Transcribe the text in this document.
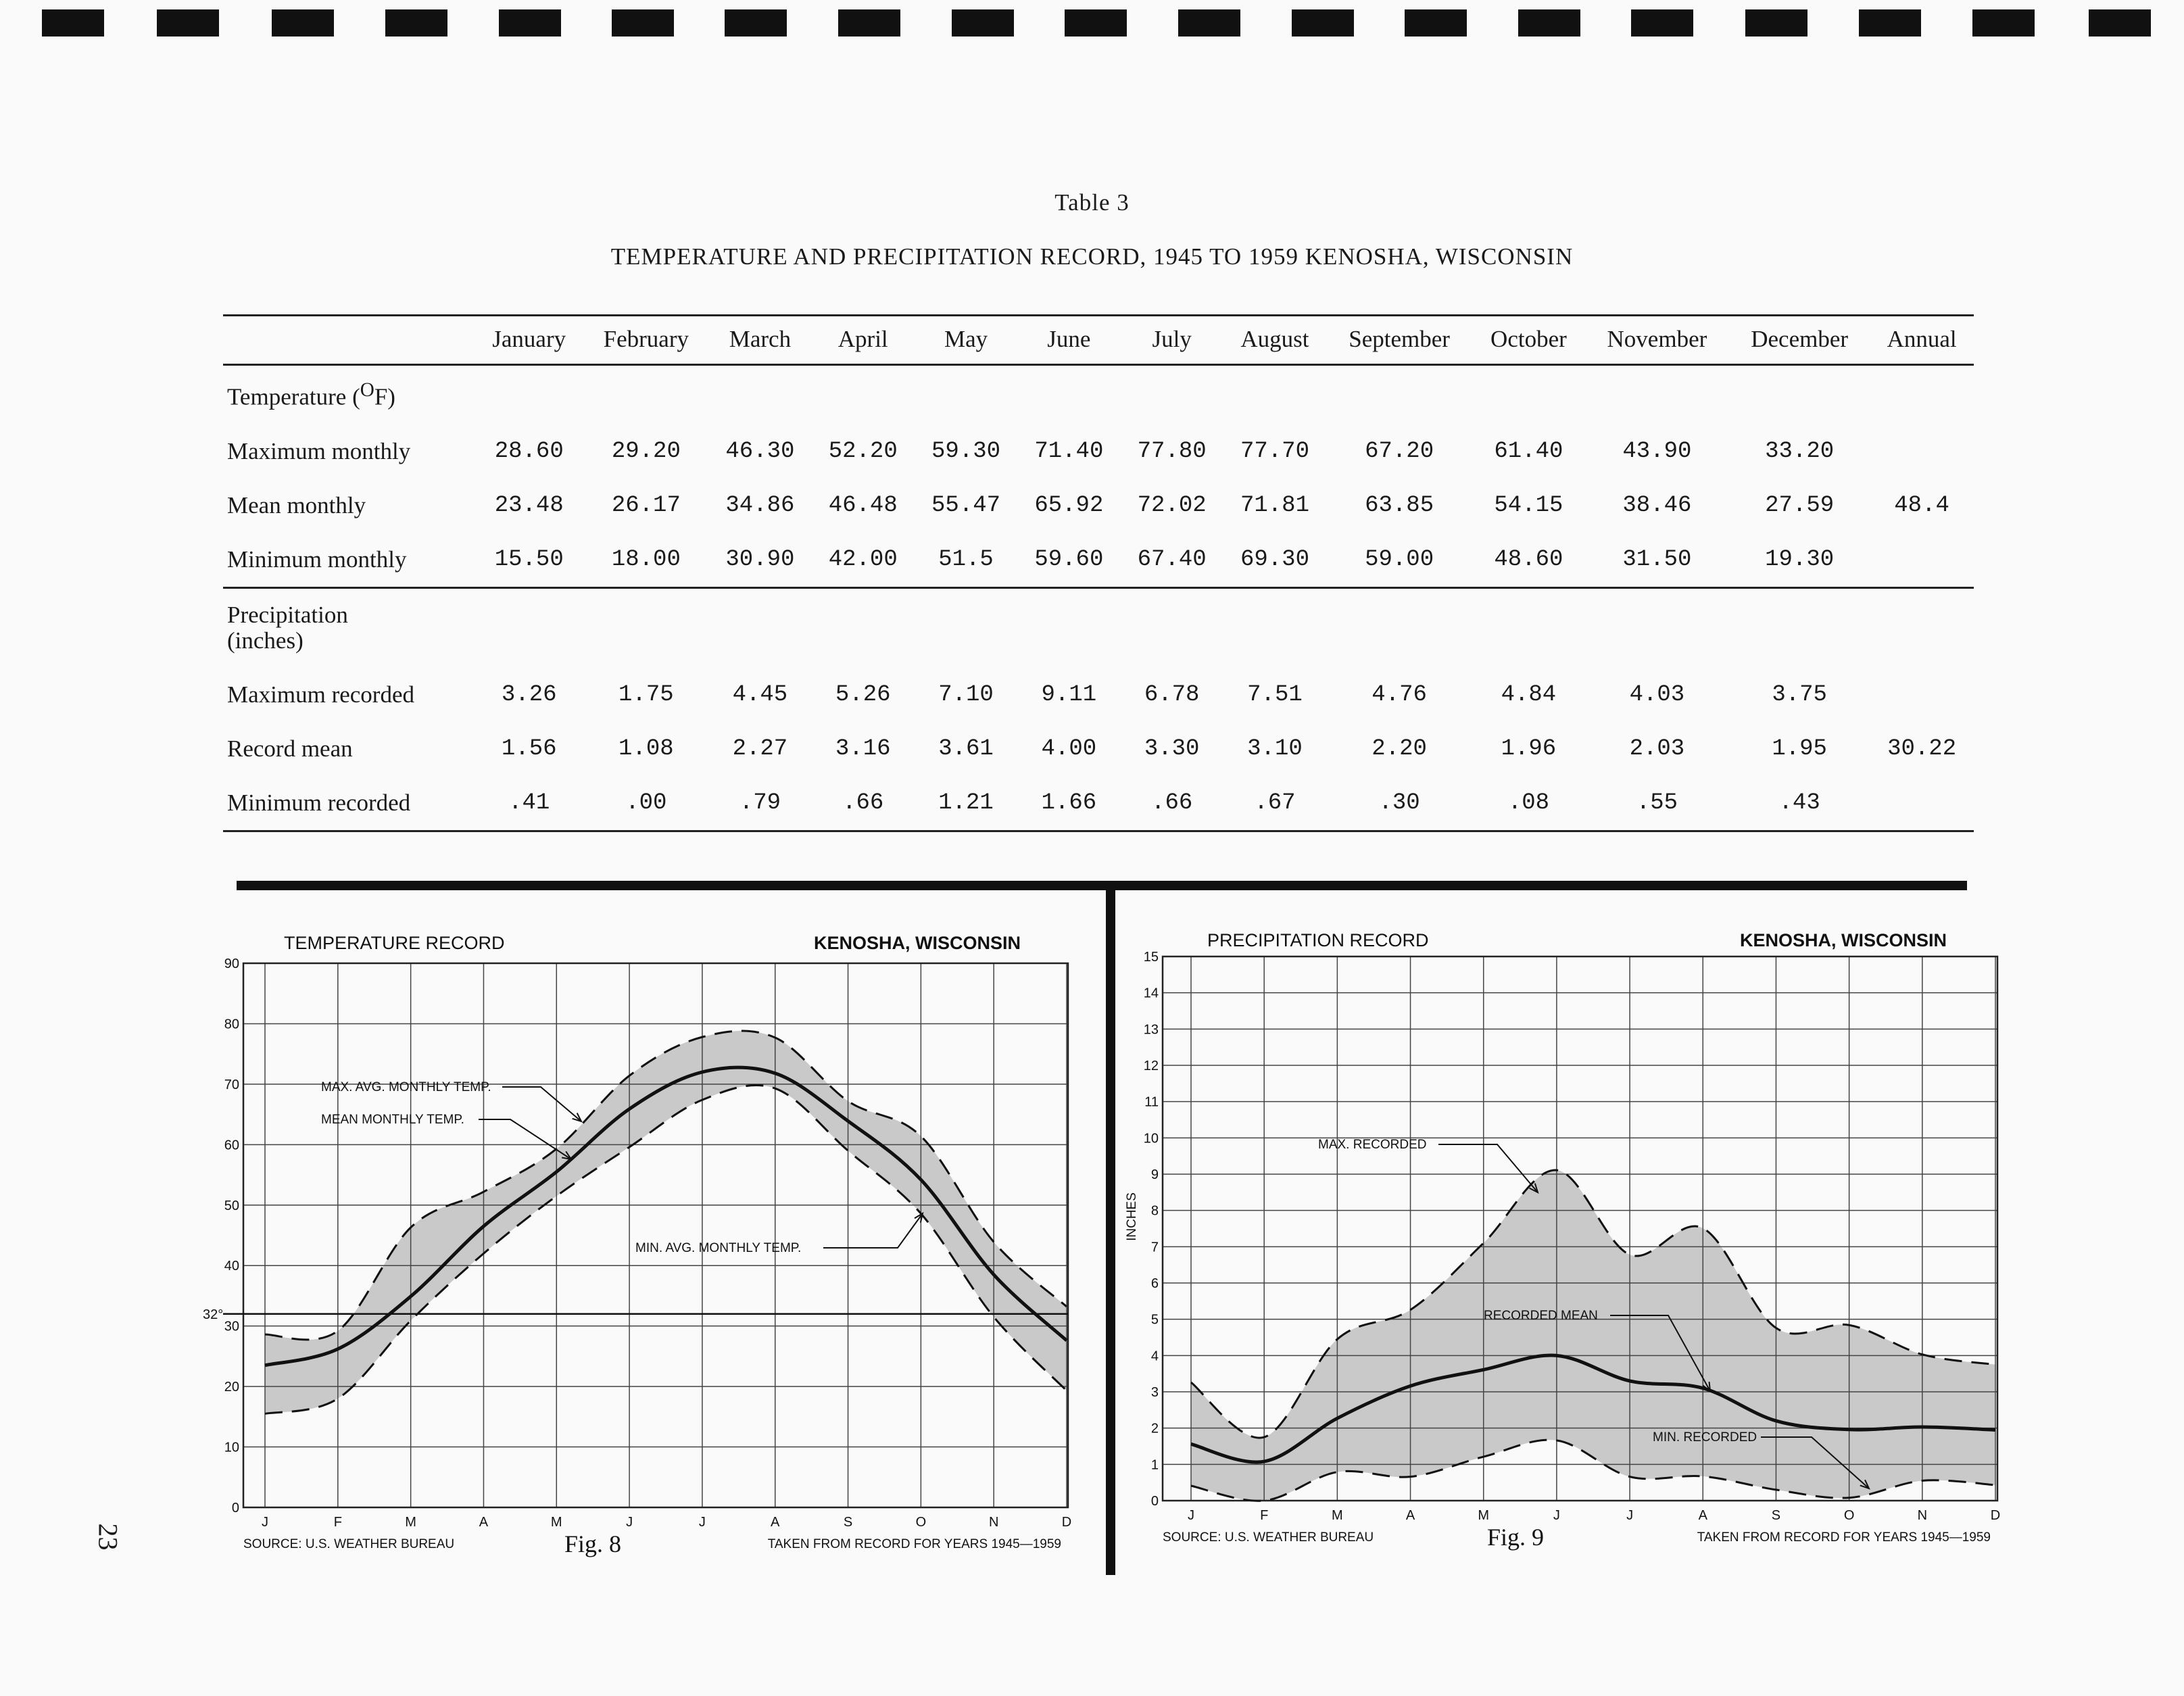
Table 3
TEMPERATURE AND PRECIPITATION RECORD, 1945 TO 1959 KENOSHA, WISCONSIN
	January	February	March	April	May	June	July	August	September	October	November	December	Annual
Temperature ($^O$F)													
Maximum monthly	28.60	29.20	46.30	52.20	59.30	71.40	77.80	77.70	67.20	61.40	43.90	33.20	
Mean monthly	23.48	26.17	34.86	46.48	55.47	65.92	72.02	71.81	63.85	54.15	38.46	27.59	48.4
Minimum monthly	15.50	18.00	30.90	42.00	51.5	59.60	67.40	69.30	59.00	48.60	31.50	19.30	
Precipitation
(inches)													
Maximum recorded	3.26	1.75	4.45	5.26	7.10	9.11	6.78	7.51	4.76	4.84	4.03	3.75	
Record mean	1.56	1.08	2.27	3.16	3.61	4.00	3.30	3.10	2.20	1.96	2.03	1.95	30.22
Minimum recorded	.41	.00	.79	.66	1.21	1.66	.66	.67	.30	.08	.55	.43	
TEMPERATURE RECORD	KENOSHA, WISCONSIN
0
10
20
30
40
50
60
70
80
90
J	F	M	A	M	J	J	A	S	O	N	D
MAX. AVG. MONTHLY TEMP.
MEAN MONTHLY TEMP.
MIN. AVG. MONTHLY TEMP.
SOURCE: U.S. WEATHER BUREAU	Fig. 8	TAKEN FROM RECORD FOR YEARS 1945—1959
32°
PRECIPITATION RECORD	KENOSHA, WISCONSIN
0
1
2
3
4
5
6
7
8
9
10
11
12
13
14
15
J	F	M	A	M	J	J	A	S	O	N	D
MAX. RECORDED
RECORDED MEAN
MIN. RECORDED
SOURCE: U.S. WEATHER BUREAU	Fig. 9	TAKEN FROM RECORD FOR YEARS 1945—1959
INCHES
23
